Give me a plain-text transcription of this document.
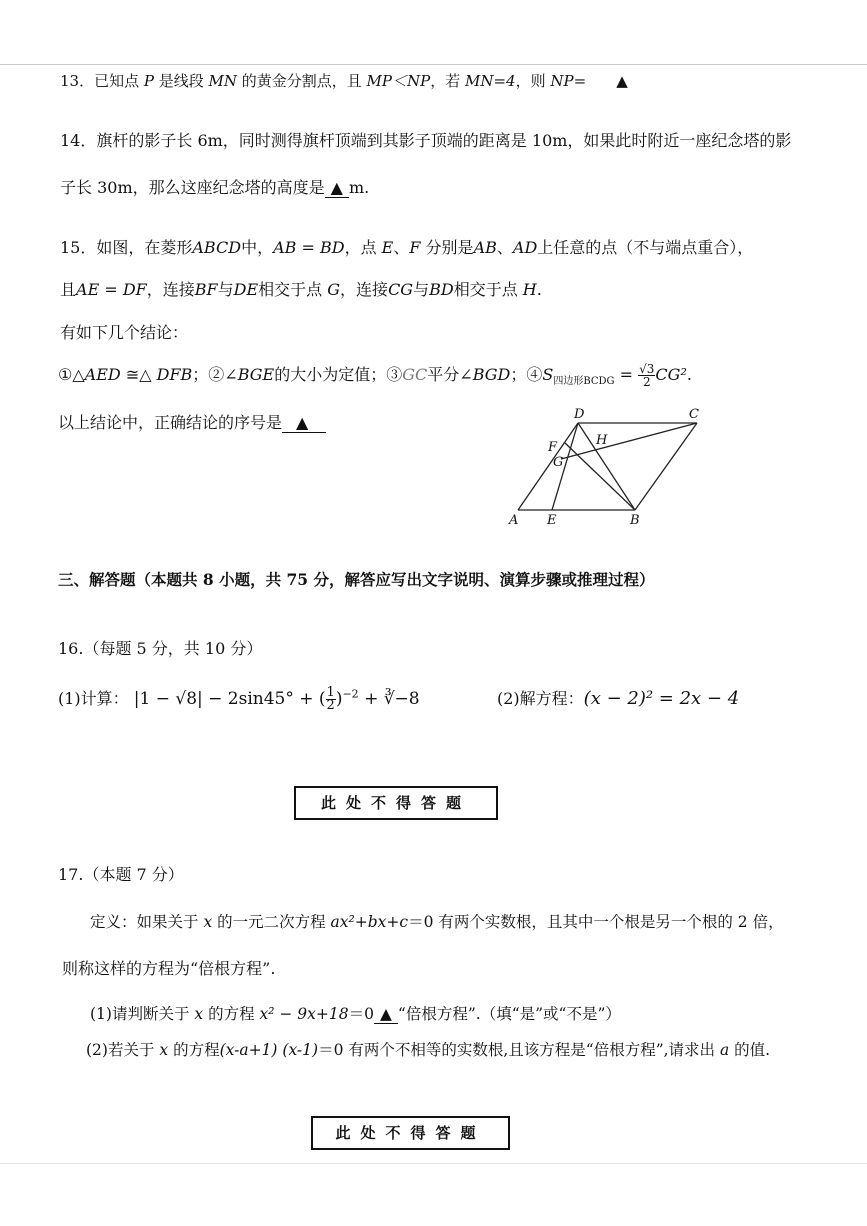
13．已知点 P 是线段 MN 的黄金分割点，且 MP＜NP，若 MN=4，则 NP= ▲
14．旗杆的影子长 6m，同时测得旗杆顶端到其影子顶端的距离是 10m，如果此时附近一座纪念塔的影
子长 30m，那么这座纪念塔的高度是 ▲ m.
15．如图，在菱形ABCD中，AB = BD，点 E、F 分别是AB、AD上任意的点（不与端点重合），
且AE = DF，连接BF与DE相交于点 G，连接CG与BD相交于点 H.
有如下几个结论：
①△AED ≅△ DFB；②∠BGE的大小为定值；③GC平分∠BGD；$④S_{四边形BCDG} = \frac{√3}{2} CG^2$.
以上结论中，正确结论的序号是 ▲	D	C
F	H
G
A E	B
三、解答题（本题共 8 小题，共 75 分，解答应写出文字说明、演算步骤或推理过程）
16.（每题 5 分，共 10 分）
(1)计算： |1 − √8| − 2sin45° + ( $\frac{1}{2} )^{-2}$ + ∛−8	(2)解方程：(x − 2)² = 2x − 4
此处不得答题
17.（本题 7 分）
定义：如果关于 x 的一元二次方程 ax²+bx+c＝0 有两个实数根，且其中一个根是另一个根的 2 倍，
则称这样的方程为“倍根方程”.
(1)请判断关于 x 的方程 x² − 9x+18＝0 ▲ “倍根方程”.（填“是”或“不是”）
(2)若关于 x 的方程(x-a+1) (x-1)＝0 有两个不相等的实数根,且该方程是“倍根方程”,请求出 a 的值.
此处不得答题
